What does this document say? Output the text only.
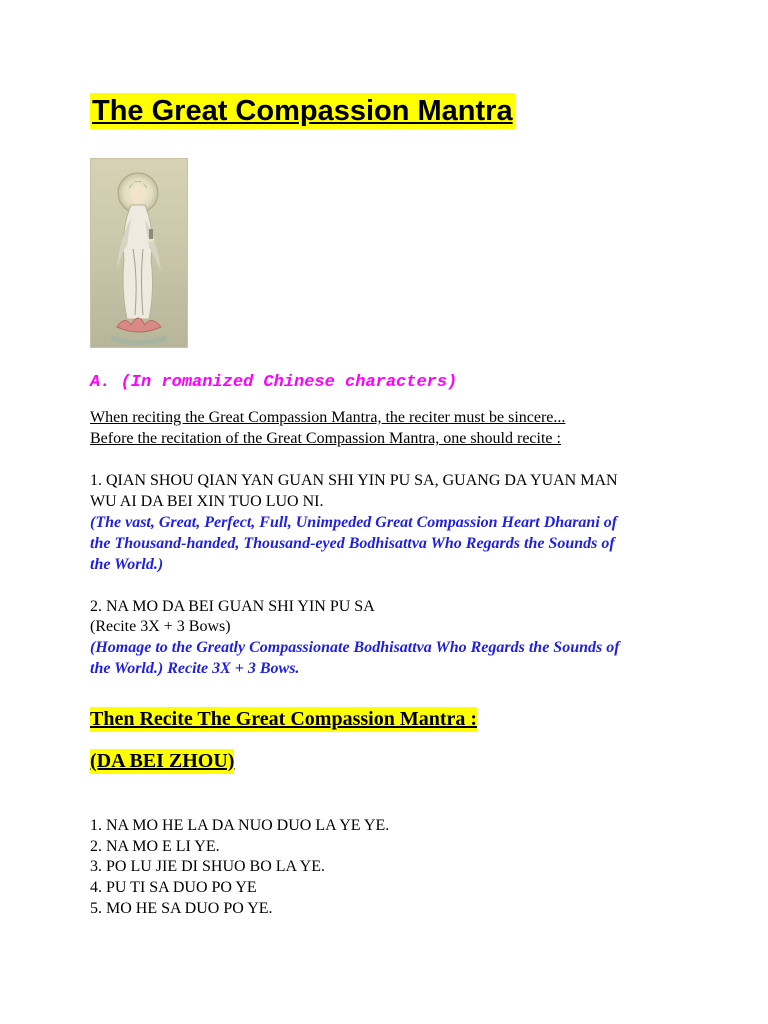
The Great Compassion Mantra
A. (In romanized Chinese characters)
When reciting the Great Compassion Mantra, the reciter must be sincere...
Before the recitation of the Great Compassion Mantra, one should recite :
1. QIAN SHOU QIAN YAN GUAN SHI YIN PU SA, GUANG DA YUAN MAN
WU AI DA BEI XIN TUO LUO NI.
(The vast, Great, Perfect, Full, Unimpeded Great Compassion Heart Dharani of
the Thousand-handed, Thousand-eyed Bodhisattva Who Regards the Sounds of
the World.)
2. NA MO DA BEI GUAN SHI YIN PU SA
(Recite 3X + 3 Bows)
(Homage to the Greatly Compassionate Bodhisattva Who Regards the Sounds of
the World.) Recite 3X + 3 Bows.
Then Recite The Great Compassion Mantra :
(DA BEI ZHOU)
1. NA MO HE LA DA NUO DUO LA YE YE.
2. NA MO E LI YE.
3. PO LU JIE DI SHUO BO LA YE.
4. PU TI SA DUO PO YE
5. MO HE SA DUO PO YE.
